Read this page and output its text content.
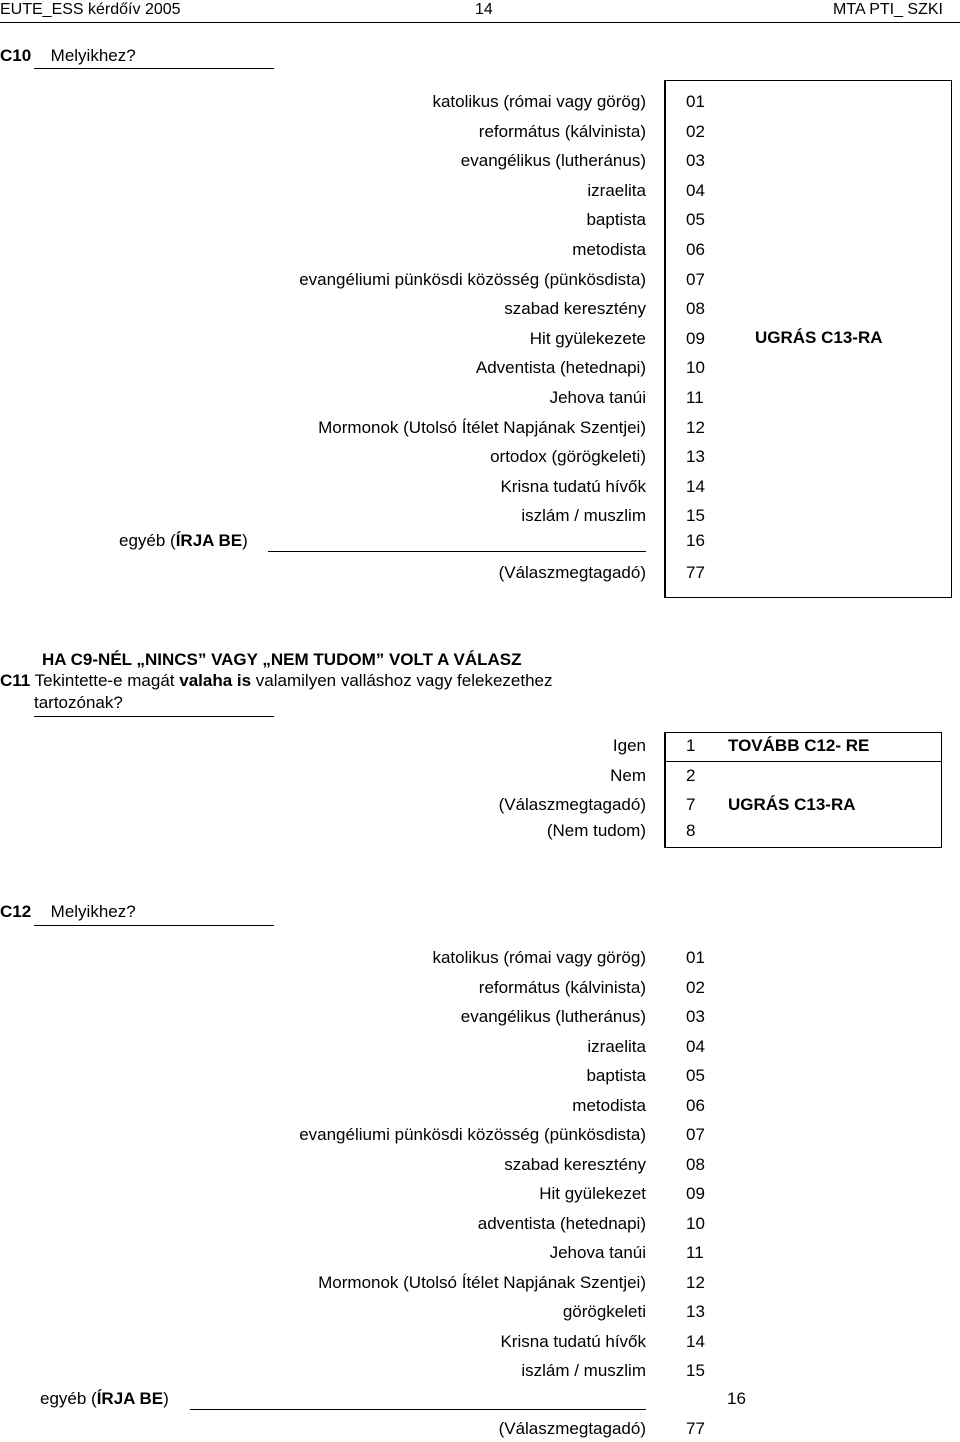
EUTE_ESS kérdőív 2005	14	MTA PTI_ SZKI
C10 Melyikhez?
katolikus (római vagy görög) 01
református (kálvinista) 02
evangélikus (lutheránus) 03
izraelita 04
baptista 05
metodista 06
evangéliumi pünkösdi közösség (pünkösdista) 07
szabad keresztény 08
Hit gyülekezete 09
Adventista (hetednapi) 10
Jehova tanúi 11
Mormonok (Utolsó Ítélet Napjának Szentjei) 12
ortodox (görögkeleti) 13
Krisna tudatú hívők 14
iszlám / muszlim 15
egyéb (ÍRJA BE)	16
(Válaszmegtagadó) 77
UGRÁS C13-RA
HA C9-NÉL „NINCS” VAGY „NEM TUDOM” VOLT A VÁLASZ
C11 Tekintette-e magát valaha is valamilyen valláshoz vagy felekezethez
tartozónak?
Igen 1 TOVÁBB C12- RE
Nem 2
(Válaszmegtagadó) 7 UGRÁS C13-RA
(Nem tudom) 8
C12 Melyikhez?
katolikus (római vagy görög) 01
református (kálvinista) 02
evangélikus (lutheránus) 03
izraelita 04
baptista 05
metodista 06
evangéliumi pünkösdi közösség (pünkösdista) 07
szabad keresztény 08
Hit gyülekezet 09
adventista (hetednapi) 10
Jehova tanúi 11
Mormonok (Utolsó Ítélet Napjának Szentjei) 12
görögkeleti 13
Krisna tudatú hívők 14
iszlám / muszlim 15
egyéb (ÍRJA BE)	16
(Válaszmegtagadó) 77
